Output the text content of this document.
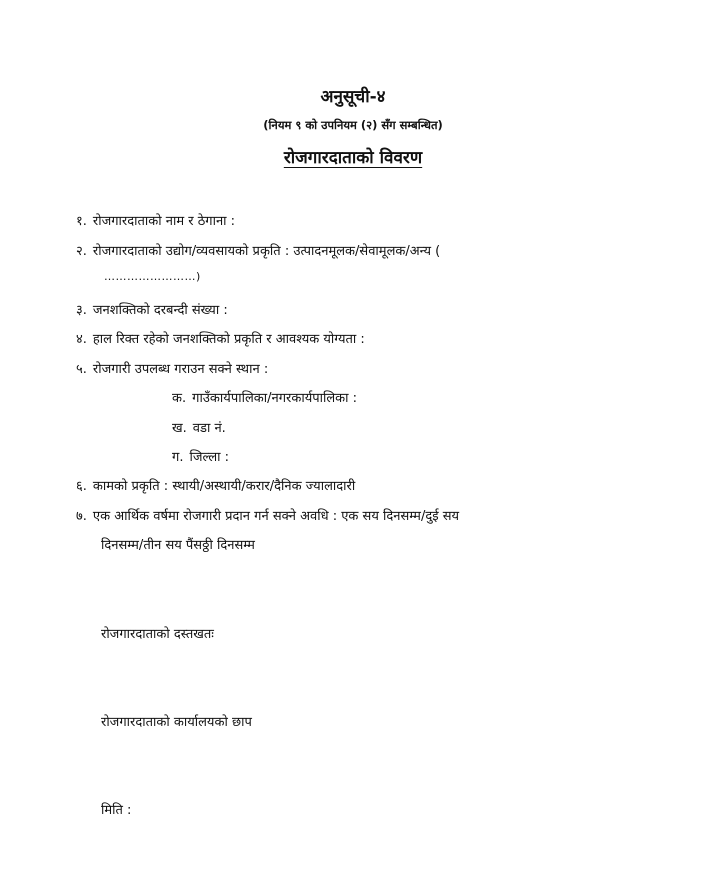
अनुसूची-४
(नियम ९ को उपनियम (२) सँग सम्बन्धित)
रोजगारदाताको विवरण
१. रोजगारदाताको नाम र ठेगाना :
२. रोजगारदाताको उद्योग/व्यवसायको प्रकृति : उत्पादनमूलक/सेवामूलक/अन्य (
……………………)
३. जनशक्तिको दरबन्दी संख्या :
४. हाल रिक्त रहेको जनशक्तिको प्रकृति र आवश्यक योग्यता :
५. रोजगारी उपलब्ध गराउन सक्ने स्थान :
क. गाउँकार्यपालिका/नगरकार्यपालिका :
ख. वडा नं.
ग. जिल्ला :
६. कामको प्रकृति : स्थायी/अस्थायी/करार/दैनिक ज्यालादारी
७. एक आर्थिक वर्षमा रोजगारी प्रदान गर्न सक्ने अवधि : एक सय दिनसम्म/दुई सय
दिनसम्म/तीन सय पैंसठ्ठी दिनसम्म
रोजगारदाताको दस्तखतः
रोजगारदाताको कार्यालयको छाप
मिति :
